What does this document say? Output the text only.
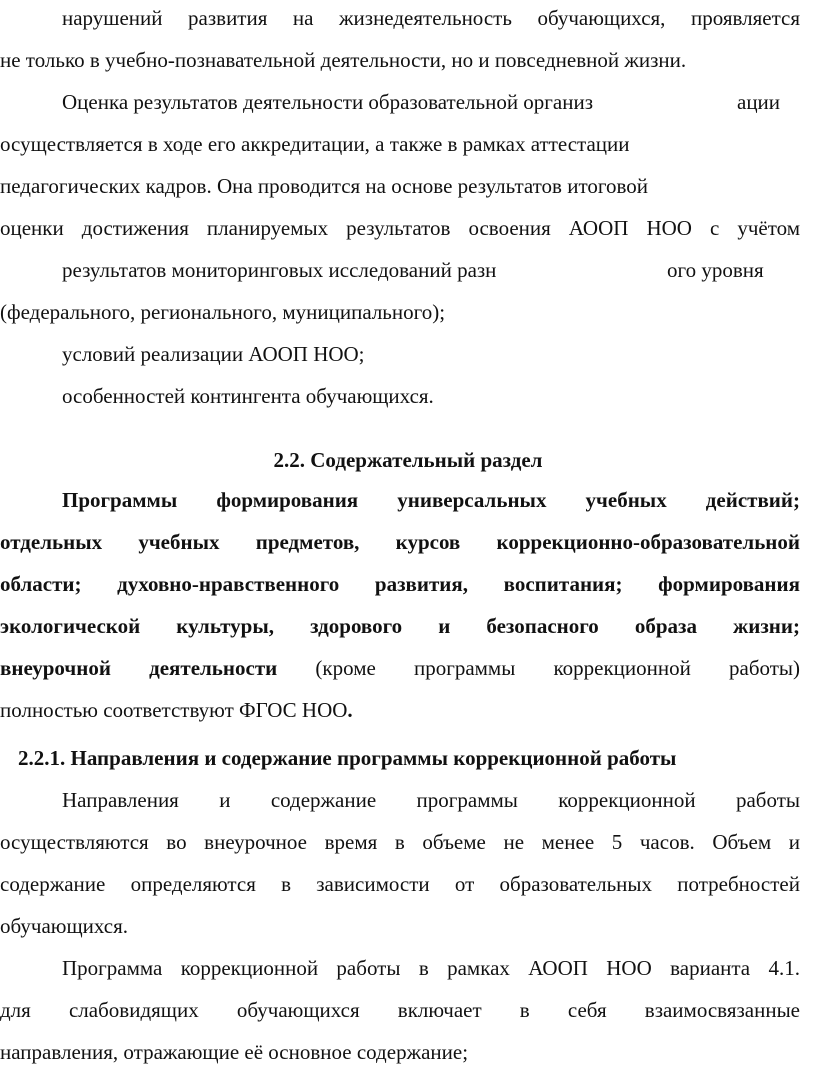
нарушений развития на жизнедеятельность обучающихся, проявляется
не только в учебно-познавательной деятельности, но и повседневной жизни.
Оценка результатов деятельности образовательной организ	ации
осуществляется в ходе его аккредитации, а также в рамках аттестации
педагогических кадров. Она проводится на основе результатов итоговой
оценки достижения планируемых результатов освоения АООП НОО с учётом
результатов мониторинговых исследований разн	ого уровня
(федерального, регионального, муниципального);
условий реализации АООП НОО;
особенностей контингента обучающихся.
2.2. Содержательный раздел
Программы формирования универсальных учебных действий;
отдельных учебных предметов, курсов коррекционно-образовательной
области; духовно-нравственного развития, воспитания; формирования
экологической культуры, здорового и безопасного образа жизни;
внеурочной деятельности (кроме программы коррекционной работы)
полностью соответствуют ФГОС НОО.
2.2.1. Направления и содержание программы коррекционной работы
Направления и содержание программы коррекционной работы
осуществляются во внеурочное время в объеме не менее 5 часов. Объем и
содержание определяются в зависимости от образовательных потребностей
обучающихся.
Программа коррекционной работы в рамках АООП НОО варианта 4.1.
для слабовидящих обучающихся включает в себя взаимосвязанные
направления, отражающие её основное содержание;
